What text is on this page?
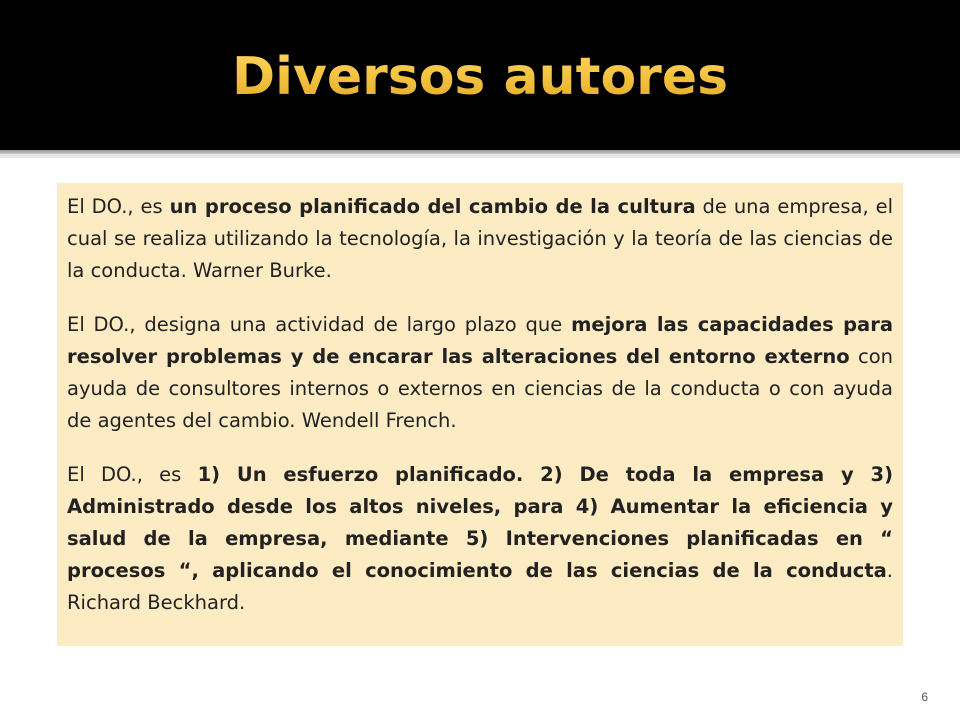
Diversos autores

El DO., es un proceso planificado del cambio de la cultura de una empresa, el cual se realiza utilizando la tecnología, la investigación y la teoría de las ciencias de la conducta. Warner Burke.

El DO., designa una actividad de largo plazo que mejora las capacidades para resolver problemas y de encarar las alteraciones del entorno externo con ayuda de consultores internos o externos en ciencias de la conducta o con ayuda de agentes del cambio. Wendell French.

El DO., es 1) Un esfuerzo planificado. 2) De toda la empresa y 3) Administrado desde los altos niveles, para 4) Aumentar la eficiencia y salud de la empresa, mediante 5) Intervenciones planificadas en “ procesos “, aplicando el conocimiento de las ciencias de la conducta. Richard Beckhard.

6
